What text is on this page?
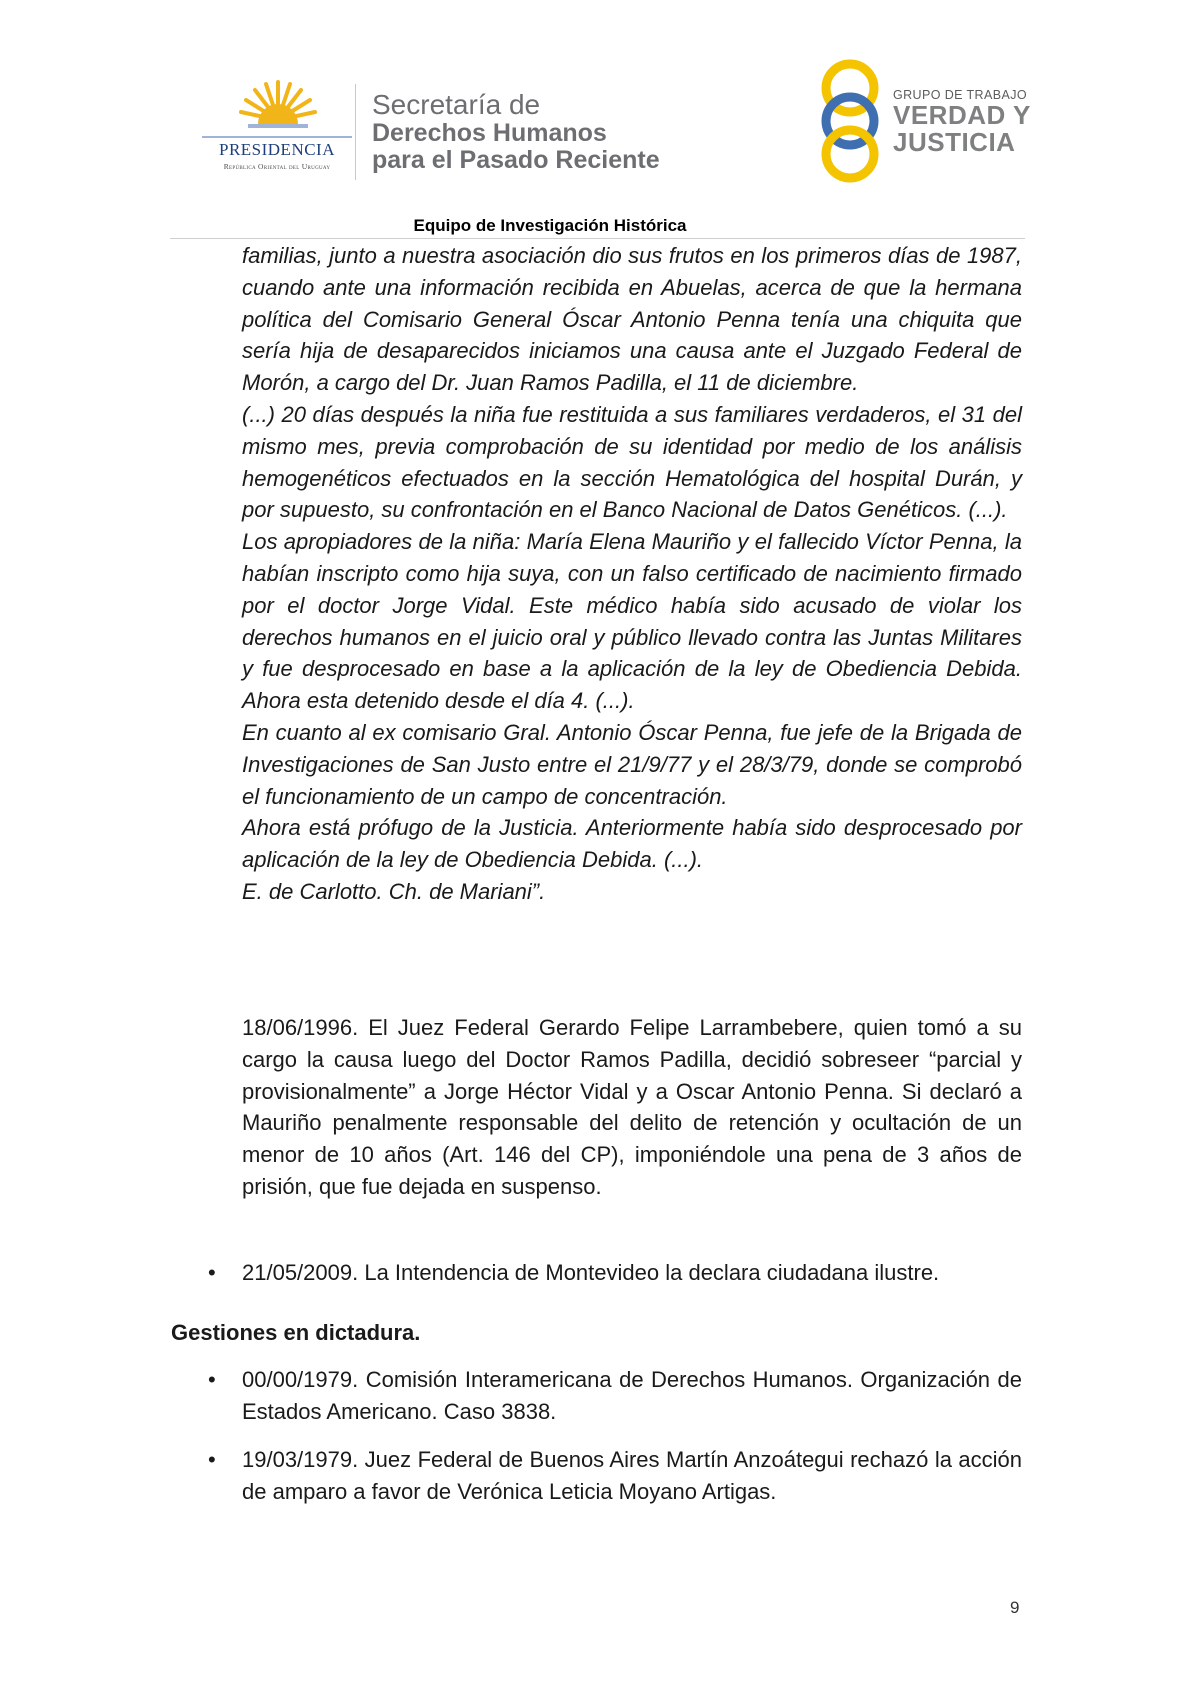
PRESIDENCIA
República Oriental del Uruguay
Secretaría de
Derechos Humanos
para el Pasado Reciente
GRUPO DE TRABAJO
VERDAD Y
JUSTICIA
Equipo de Investigación Histórica

familias, junto a nuestra asociación dio sus frutos en los primeros días de 1987, cuando ante una información recibida en Abuelas, acerca de que la hermana política del Comisario General Óscar Antonio Penna tenía una chiquita que sería hija de desaparecidos iniciamos una causa ante el Juzgado Federal de Morón, a cargo del Dr. Juan Ramos Padilla, el 11 de diciembre.

(...) 20 días después la niña fue restituida a sus familiares verdaderos, el 31 del mismo mes, previa comprobación de su identidad por medio de los análisis hemogenéticos efectuados en la sección Hematológica del hospital Durán, y por supuesto, su confrontación en el Banco Nacional de Datos Genéticos. (...).

Los apropiadores de la niña: María Elena Mauriño y el fallecido Víctor Penna, la habían inscripto como hija suya, con un falso certificado de nacimiento firmado por el doctor Jorge Vidal. Este médico había sido acusado de violar los derechos humanos en el juicio oral y público llevado contra las Juntas Militares y fue desprocesado en base a la aplicación de la ley de Obediencia Debida. Ahora esta detenido desde el día 4. (...).

En cuanto al ex comisario Gral. Antonio Óscar Penna, fue jefe de la Brigada de Investigaciones de San Justo entre el 21/9/77 y el 28/3/79, donde se comprobó el funcionamiento de un campo de concentración.

Ahora está prófugo de la Justicia. Anteriormente había sido desprocesado por aplicación de la ley de Obediencia Debida. (...).

E. de Carlotto. Ch. de Mariani”.

18/06/1996. El Juez Federal Gerardo Felipe Larrambebere, quien tomó a su cargo la causa luego del Doctor Ramos Padilla, decidió sobreseer “parcial y provisionalmente” a Jorge Héctor Vidal y a Oscar Antonio Penna. Si declaró a Mauriño penalmente responsable del delito de retención y ocultación de un menor de 10 años (Art. 146 del CP), imponiéndole una pena de 3 años de prisión, que fue dejada en suspenso.

• 21/05/2009. La Intendencia de Montevideo la declara ciudadana ilustre.

Gestiones en dictadura.
• 00/00/1979. Comisión Interamericana de Derechos Humanos. Organización de Estados Americano. Caso 3838.

• 19/03/1979. Juez Federal de Buenos Aires Martín Anzoátegui rechazó la acción de amparo a favor de Verónica Leticia Moyano Artigas.

9
